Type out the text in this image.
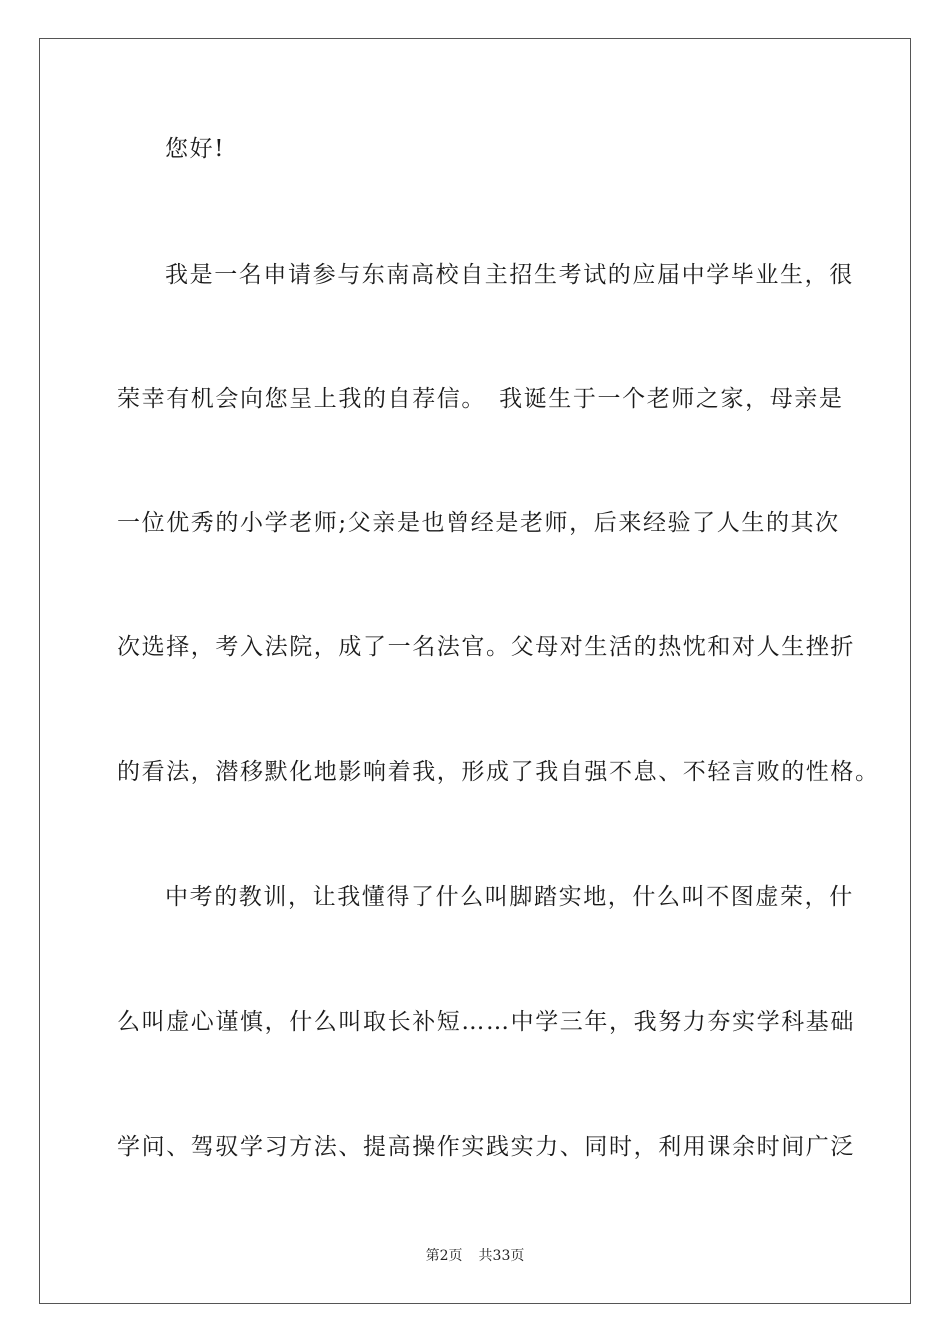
您好!
我是一名申请参与东南高校自主招生考试的应届中学毕业生，很
荣幸有机会向您呈上我的自荐信。　我诞生于一个老师之家，母亲是
一位优秀的小学老师;父亲是也曾经是老师，后来经验了人生的其次
次选择，考入法院，成了一名法官。父母对生活的热忱和对人生挫折
的看法，潜移默化地影响着我，形成了我自强不息、不轻言败的性格。
中考的教训，让我懂得了什么叫脚踏实地，什么叫不图虚荣，什
么叫虚心谨慎，什么叫取长补短……中学三年，我努力夯实学科基础
学问、驾驭学习方法、提高操作实践实力、同时，利用课余时间广泛
第2页 共33页
